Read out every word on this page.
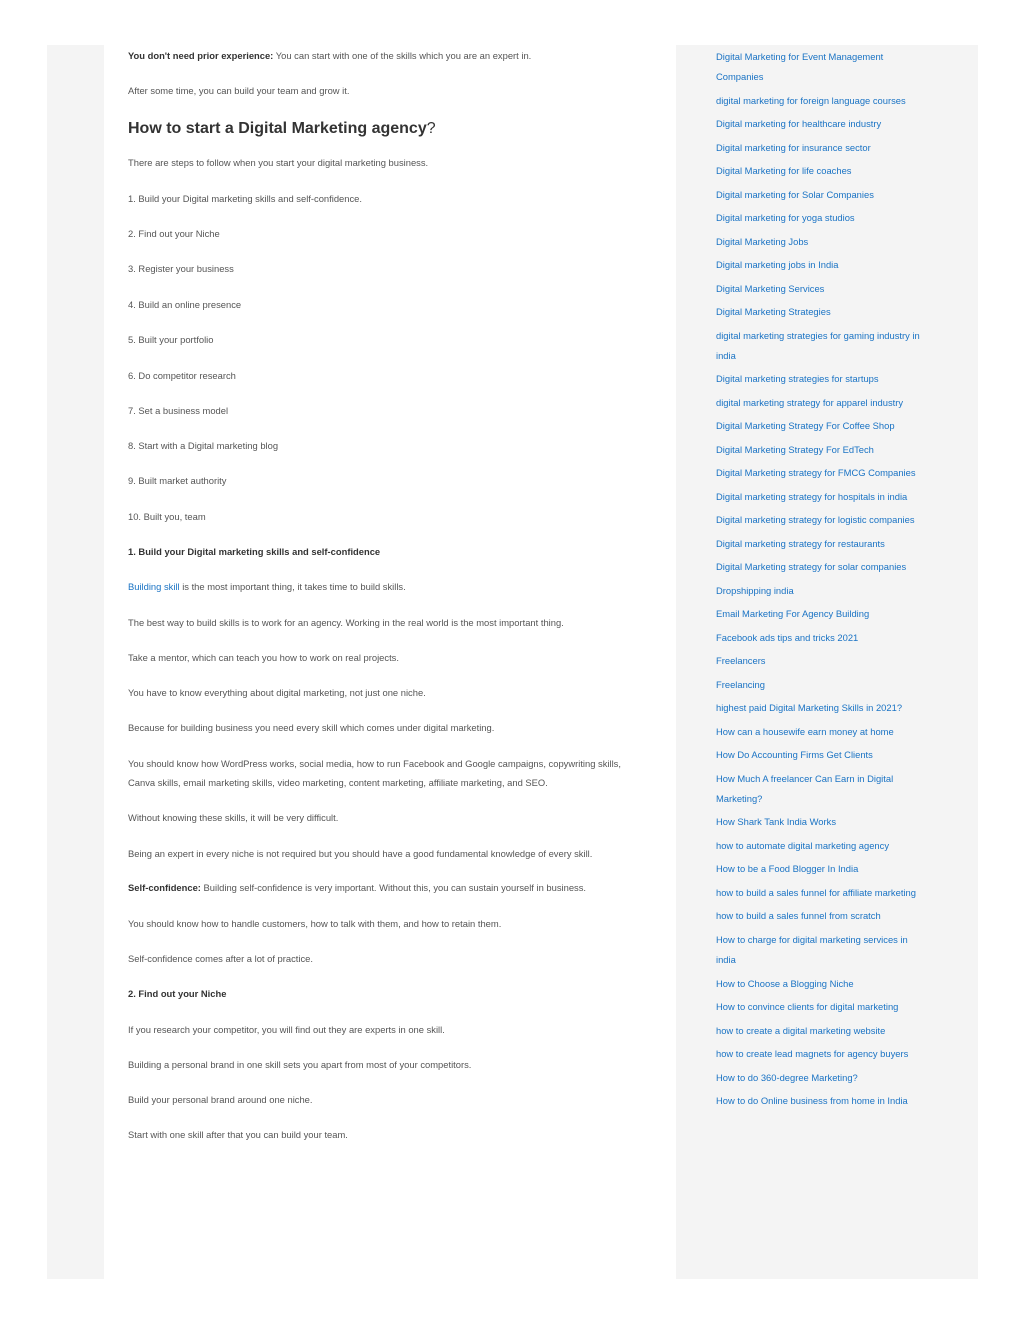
You don't need prior experience: You can start with one of the skills which you are an expert in.

After some time, you can build your team and grow it.

How to start a Digital Marketing agency?

There are steps to follow when you start your digital marketing business.

1. Build your Digital marketing skills and self-confidence.

2. Find out your Niche

3. Register your business

4. Build an online presence

5. Built your portfolio

6. Do competitor research

7. Set a business model

8. Start with a Digital marketing blog

9. Built market authority

10. Built you, team

1. Build your Digital marketing skills and self-confidence

Building skill is the most important thing, it takes time to build skills.

The best way to build skills is to work for an agency. Working in the real world is the most important thing.

Take a mentor, which can teach you how to work on real projects.

You have to know everything about digital marketing, not just one niche.

Because for building business you need every skill which comes under digital marketing.

You should know how WordPress works, social media, how to run Facebook and Google campaigns, copywriting skills, Canva skills, email marketing skills, video marketing, content marketing, affiliate marketing, and SEO.

Without knowing these skills, it will be very difficult.

Being an expert in every niche is not required but you should have a good fundamental knowledge of every skill.

Self-confidence: Building self-confidence is very important. Without this, you can sustain yourself in business.

You should know how to handle customers, how to talk with them, and how to retain them.

Self-confidence comes after a lot of practice.

2. Find out your Niche

If you research your competitor, you will find out they are experts in one skill.

Building a personal brand in one skill sets you apart from most of your competitors.

Build your personal brand around one niche.

Start with one skill after that you can build your team.

Digital Marketing for Event Management Companies
digital marketing for foreign language courses
Digital marketing for healthcare industry
Digital marketing for insurance sector
Digital Marketing for life coaches
Digital marketing for Solar Companies
Digital marketing for yoga studios
Digital Marketing Jobs
Digital marketing jobs in India
Digital Marketing Services
Digital Marketing Strategies
digital marketing strategies for gaming industry in india
Digital marketing strategies for startups
digital marketing strategy for apparel industry
Digital Marketing Strategy For Coffee Shop
Digital Marketing Strategy For EdTech
Digital Marketing strategy for FMCG Companies
Digital marketing strategy for hospitals in india
Digital marketing strategy for logistic companies
Digital marketing strategy for restaurants
Digital Marketing strategy for solar companies
Dropshipping india
Email Marketing For Agency Building
Facebook ads tips and tricks 2021
Freelancers
Freelancing
highest paid Digital Marketing Skills in 2021?
How can a housewife earn money at home
How Do Accounting Firms Get Clients
How Much A freelancer Can Earn in Digital Marketing?
How Shark Tank India Works
how to automate digital marketing agency
How to be a Food Blogger In India
how to build a sales funnel for affiliate marketing
how to build a sales funnel from scratch
How to charge for digital marketing services in india
How to Choose a Blogging Niche
How to convince clients for digital marketing
how to create a digital marketing website
how to create lead magnets for agency buyers
How to do 360-degree Marketing?
How to do Online business from home in India
